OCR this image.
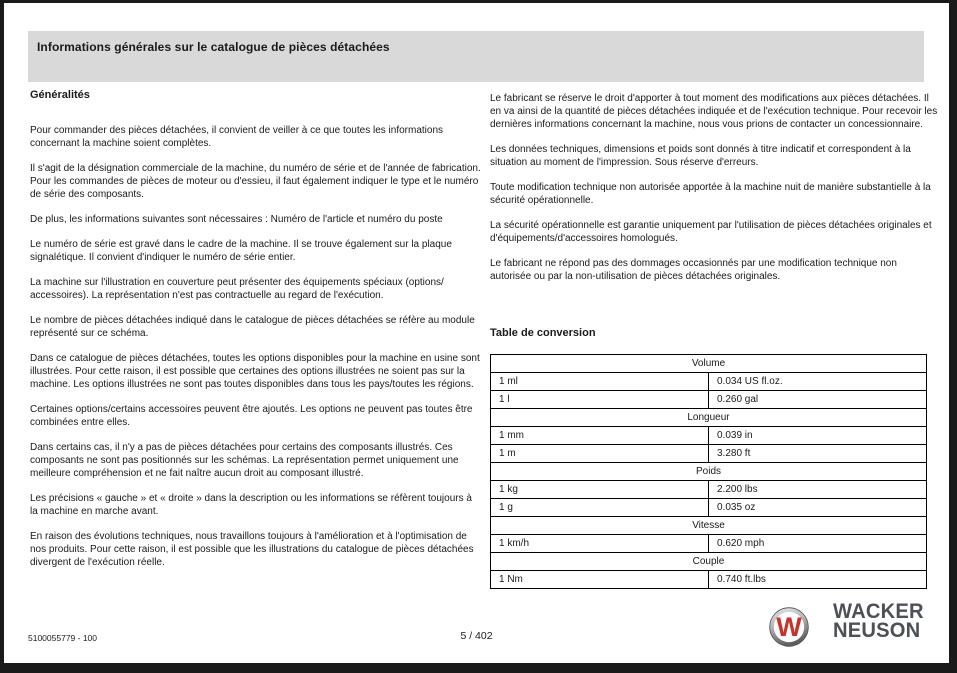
Informations générales sur le catalogue de pièces détachées
Généralités

Pour commander des pièces détachées, il convient de veiller à ce que toutes les informations concernant la machine soient complètes.

Il s'agit de la désignation commerciale de la machine, du numéro de série et de l'année de fabrication. Pour les commandes de pièces de moteur ou d'essieu, il faut également indiquer le type et le numéro de série des composants.

De plus, les informations suivantes sont nécessaires : Numéro de l'article et numéro du poste

Le numéro de série est gravé dans le cadre de la machine. Il se trouve également sur la plaque signalétique. Il convient d'indiquer le numéro de série entier.

La machine sur l'illustration en couverture peut présenter des équipements spéciaux (options/ accessoires). La représentation n'est pas contractuelle au regard de l'exécution.

Le nombre de pièces détachées indiqué dans le catalogue de pièces détachées se réfère au module représenté sur ce schéma.

Dans ce catalogue de pièces détachées, toutes les options disponibles pour la machine en usine sont illustrées. Pour cette raison, il est possible que certaines des options illustrées ne soient pas sur la machine. Les options illustrées ne sont pas toutes disponibles dans tous les pays/toutes les régions.

Certaines options/certains accessoires peuvent être ajoutés. Les options ne peuvent pas toutes être combinées entre elles.

Dans certains cas, il n'y a pas de pièces détachées pour certains des composants illustrés. Ces composants ne sont pas positionnés sur les schémas. La représentation permet uniquement une meilleure compréhension et ne fait naître aucun droit au composant illustré.

Les précisions « gauche » et « droite » dans la description ou les informations se réfèrent toujours à la machine en marche avant.

En raison des évolutions techniques, nous travaillons toujours à l'amélioration et à l'optimisation de nos produits. Pour cette raison, il est possible que les illustrations du catalogue de pièces détachées divergent de l'exécution réelle.

Le fabricant se réserve le droit d'apporter à tout moment des modifications aux pièces détachées. Il en va ainsi de la quantité de pièces détachées indiquée et de l'exécution technique. Pour recevoir les dernières informations concernant la machine, nous vous prions de contacter un concessionnaire.

Les données techniques, dimensions et poids sont donnés à titre indicatif et correspondent à la situation au moment de l'impression. Sous réserve d'erreurs.

Toute modification technique non autorisée apportée à la machine nuit de manière substantielle à la sécurité opérationnelle.

La sécurité opérationnelle est garantie uniquement par l'utilisation de pièces détachées originales et d'équipements/d'accessoires homologués.

Le fabricant ne répond pas des dommages occasionnés par une modification technique non autorisée ou par la non-utilisation de pièces détachées originales.

Table de conversion
Volume	
1 ml	0.034 US fl.oz.
1 l	0.260 gal
Longueur	
1 mm	0.039 in
1 m	3.280 ft
Poids	
1 kg	2.200 lbs
1 g	0.035 oz
Vitesse	
1 km/h	0.620 mph
Couple	
1 Nm	0.740 ft.lbs
5100055779 - 100	5 / 402	W
WACKER
NEUSON
